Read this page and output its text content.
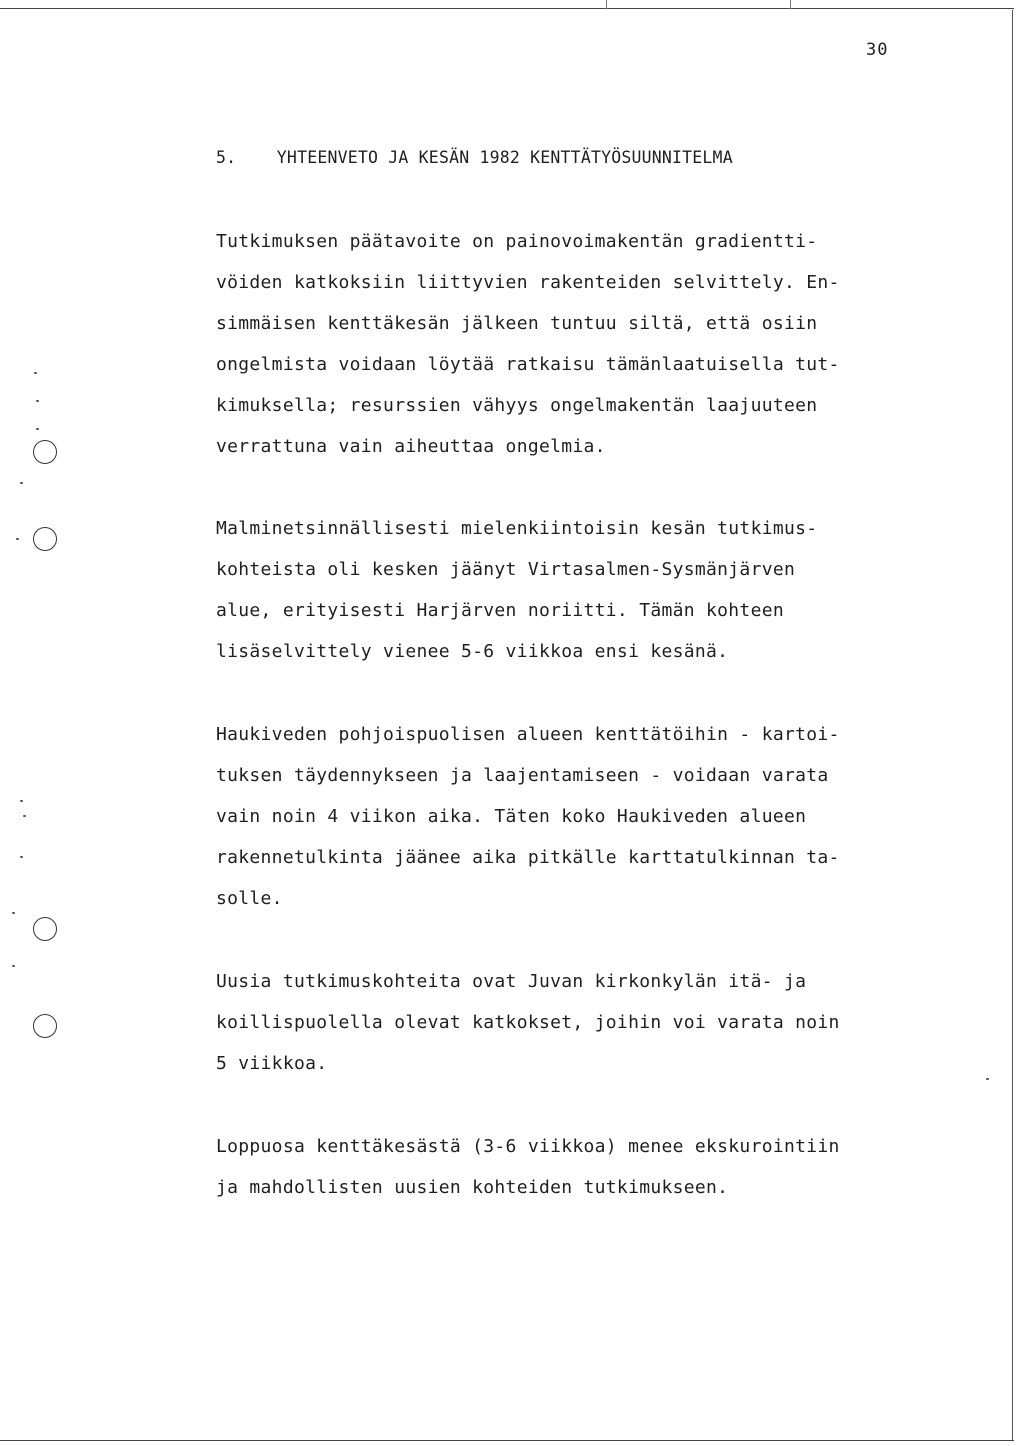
30
5.    YHTEENVETO JA KESÄN 1982 KENTTÄTYÖSUUNNITELMA

Tutkimuksen päätavoite on painovoimakentän gradientti-
vöiden katkoksiin liittyvien rakenteiden selvittely. En-
simmäisen kenttäkesän jälkeen tuntuu siltä, että osiin
ongelmista voidaan löytää ratkaisu tämänlaatuisella tut-
kimuksella; resurssien vähyys ongelmakentän laajuuteen
verrattuna vain aiheuttaa ongelmia.

Malminetsinnällisesti mielenkiintoisin kesän tutkimus-
kohteista oli kesken jäänyt Virtasalmen-Sysmänjärven
alue, erityisesti Harjärven noriitti. Tämän kohteen
lisäselvittely vienee 5-6 viikkoa ensi kesänä.

Haukiveden pohjoispuolisen alueen kenttätöihin - kartoi-
tuksen täydennykseen ja laajentamiseen - voidaan varata
vain noin 4 viikon aika. Täten koko Haukiveden alueen
rakennetulkinta jäänee aika pitkälle karttatulkinnan ta-
solle.

Uusia tutkimuskohteita ovat Juvan kirkonkylän itä- ja
koillispuolella olevat katkokset, joihin voi varata noin
5 viikkoa.

Loppuosa kenttäkesästä (3-6 viikkoa) menee ekskurointiin
ja mahdollisten uusien kohteiden tutkimukseen.
